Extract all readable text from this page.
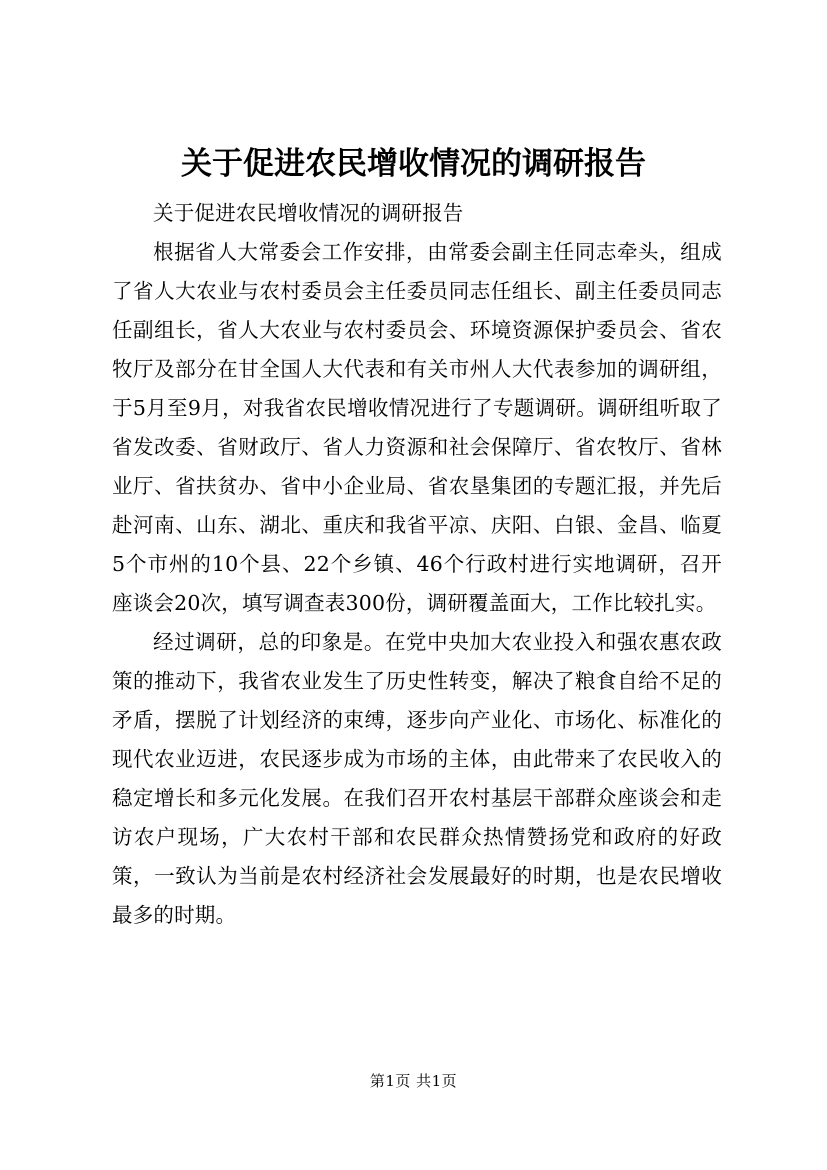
关于促进农民增收情况的调研报告

关于促进农民增收情况的调研报告

根据省人大常委会工作安排，由常委会副主任同志牵头，组成了省人大农业与农村委员会主任委员同志任组长、副主任委员同志任副组长，省人大农业与农村委员会、环境资源保护委员会、省农牧厅及部分在甘全国人大代表和有关市州人大代表参加的调研组，于5月至9月，对我省农民增收情况进行了专题调研。调研组听取了省发改委、省财政厅、省人力资源和社会保障厅、省农牧厅、省林业厅、省扶贫办、省中小企业局、省农垦集团的专题汇报，并先后赴河南、山东、湖北、重庆和我省平凉、庆阳、白银、金昌、临夏5个市州的10个县、22个乡镇、46个行政村进行实地调研，召开座谈会20次，填写调查表300份，调研覆盖面大，工作比较扎实。

经过调研，总的印象是。在党中央加大农业投入和强农惠农政策的推动下，我省农业发生了历史性转变，解决了粮食自给不足的矛盾，摆脱了计划经济的束缚，逐步向产业化、市场化、标准化的现代农业迈进，农民逐步成为市场的主体，由此带来了农民收入的稳定增长和多元化发展。在我们召开农村基层干部群众座谈会和走访农户现场，广大农村干部和农民群众热情赞扬党和政府的好政策，一致认为当前是农村经济社会发展最好的时期，也是农民增收最多的时期。

第1页 共1页
